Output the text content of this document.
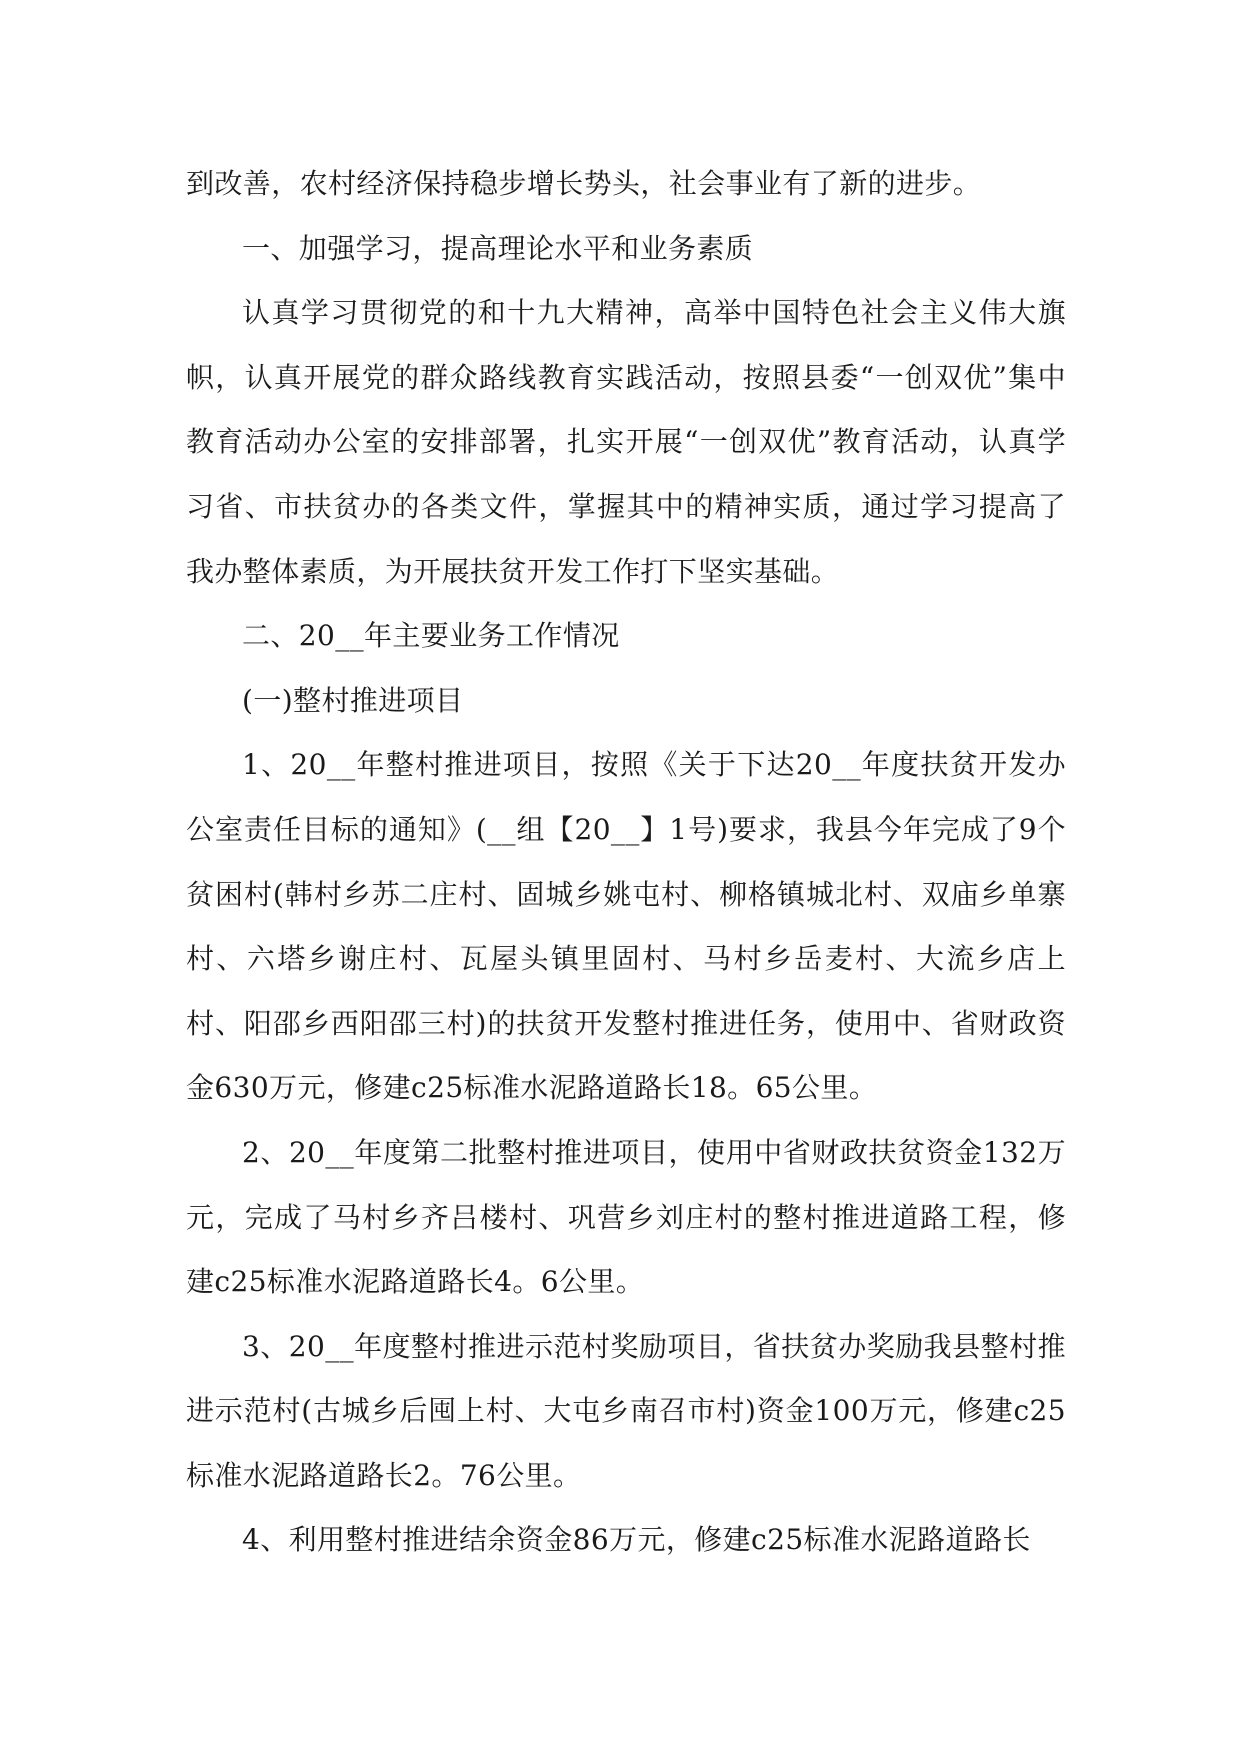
到改善，农村经济保持稳步增长势头，社会事业有了新的进步。

一、加强学习，提高理论水平和业务素质

认真学习贯彻党的和十九大精神，高举中国特色社会主义伟大旗帜，认真开展党的群众路线教育实践活动，按照县委“一创双优”集中教育活动办公室的安排部署，扎实开展“一创双优”教育活动，认真学习省、市扶贫办的各类文件，掌握其中的精神实质，通过学习提高了我办整体素质，为开展扶贫开发工作打下坚实基础。

二、20__年主要业务工作情况

(一)整村推进项目

1、20__年整村推进项目，按照《关于下达20__年度扶贫开发办公室责任目标的通知》(__组【20__】1号)要求，我县今年完成了9个贫困村(韩村乡苏二庄村、固城乡姚屯村、柳格镇城北村、双庙乡单寨村、六塔乡谢庄村、瓦屋头镇里固村、马村乡岳麦村、大流乡店上村、阳邵乡西阳邵三村)的扶贫开发整村推进任务，使用中、省财政资金630万元，修建c25标准水泥路道路长18。65公里。

2、20__年度第二批整村推进项目，使用中省财政扶贫资金132万元，完成了马村乡齐吕楼村、巩营乡刘庄村的整村推进道路工程，修建c25标准水泥路道路长4。6公里。

3、20__年度整村推进示范村奖励项目，省扶贫办奖励我县整村推进示范村(古城乡后囤上村、大屯乡南召市村)资金100万元，修建c25标准水泥路道路长2。76公里。

4、利用整村推进结余资金86万元，修建c25标准水泥路道路长
